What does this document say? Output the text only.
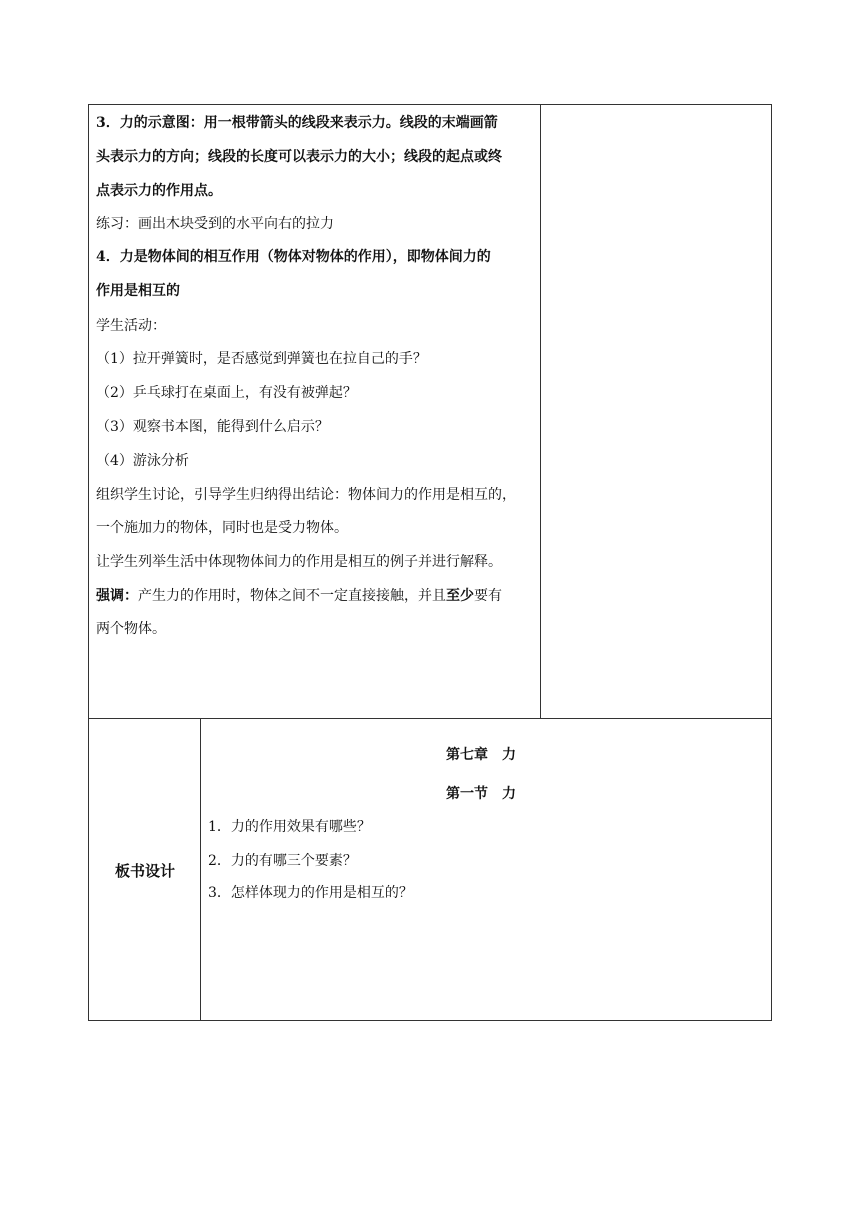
3．力的示意图：用一根带箭头的线段来表示力。线段的末端画箭
头表示力的方向；线段的长度可以表示力的大小；线段的起点或终
点表示力的作用点。
练习：画出木块受到的水平向右的拉力
4．力是物体间的相互作用（物体对物体的作用），即物体间力的
作用是相互的
学生活动：
（1）拉开弹簧时，是否感觉到弹簧也在拉自己的手？
（2）乒乓球打在桌面上，有没有被弹起？
（3）观察书本图，能得到什么启示？
（4）游泳分析
组织学生讨论，引导学生归纳得出结论：物体间力的作用是相互的，
一个施加力的物体，同时也是受力物体。
让学生列举生活中体现物体间力的作用是相互的例子并进行解释。
强调：产生力的作用时，物体之间不一定直接接触，并且至少要有
两个物体。
板书设计
第七章　力
第一节　力
1．力的作用效果有哪些？
2．力的有哪三个要素？
3．怎样体现力的作用是相互的？
